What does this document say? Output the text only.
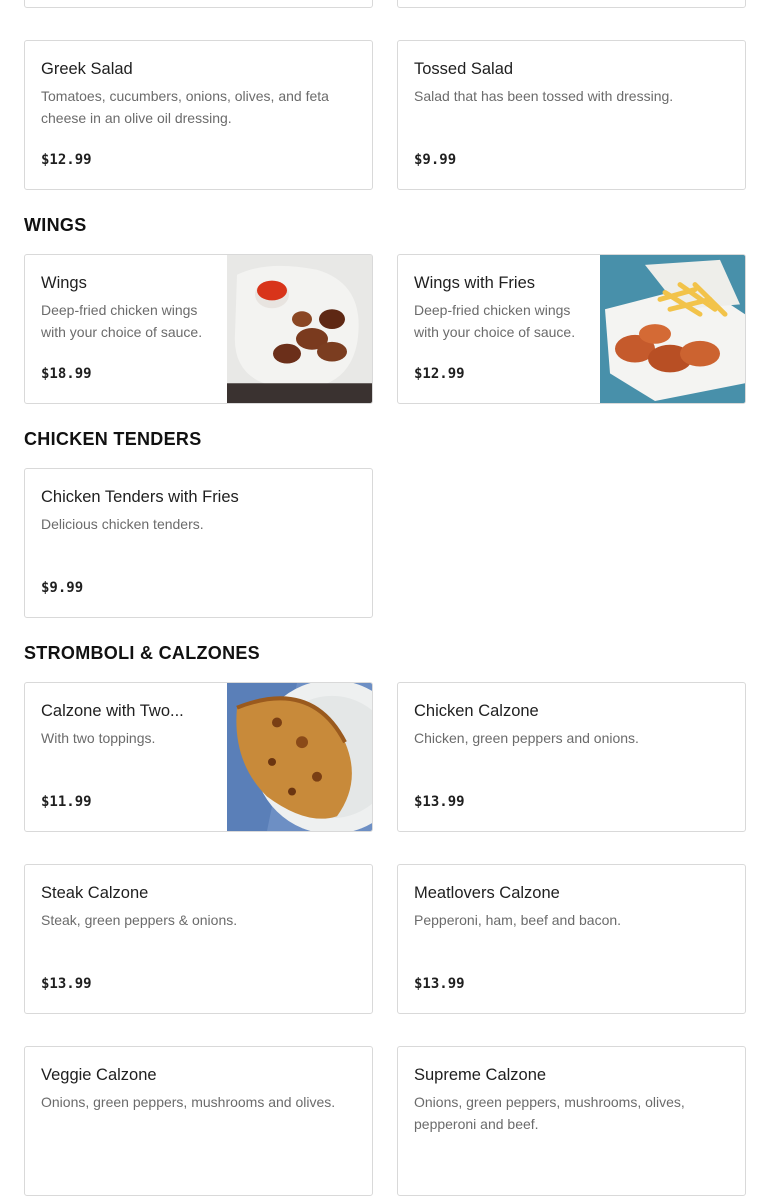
Greek Salad
Tomatoes, cucumbers, onions, olives, and feta cheese in an olive oil dressing.
$12.99
Tossed Salad
Salad that has been tossed with dressing.
$9.99
WINGS
Wings
Deep-fried chicken wings with your choice of sauce.
$18.99
Wings with Fries
Deep-fried chicken wings with your choice of sauce.
$12.99
CHICKEN TENDERS
Chicken Tenders with Fries
Delicious chicken tenders.
$9.99
STROMBOLI & CALZONES
Calzone with Two...
With two toppings.
$11.99
Chicken Calzone
Chicken, green peppers and onions.
$13.99
Steak Calzone
Steak, green peppers & onions.
$13.99
Meatlovers Calzone
Pepperoni, ham, beef and bacon.
$13.99
Veggie Calzone
Onions, green peppers, mushrooms and olives.
Supreme Calzone
Onions, green peppers, mushrooms, olives, pepperoni and beef.
